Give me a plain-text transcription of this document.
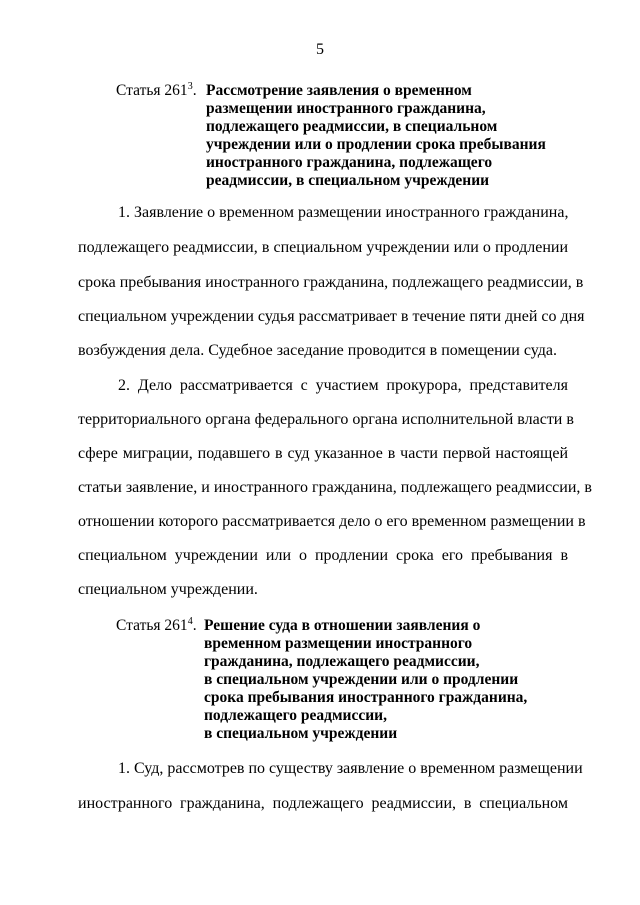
5
Статья $261^3$. Рассмотрение заявления о временном
размещении иностранного гражданина,
подлежащего реадмиссии, в специальном
учреждении или о продлении срока пребывания
иностранного гражданина, подлежащего
реадмиссии, в специальном учреждении
1. Заявление о временном размещении иностранного гражданина,
подлежащего реадмиссии, в специальном учреждении или о продлении
срока пребывания иностранного гражданина, подлежащего реадмиссии, в
специальном учреждении судья рассматривает в течение пяти дней со дня
возбуждения дела. Судебное заседание проводится в помещении суда.
2. Дело рассматривается с участием прокурора, представителя
территориального органа федерального органа исполнительной власти в
сфере миграции, подавшего в суд указанное в части первой настоящей
статьи заявление, и иностранного гражданина, подлежащего реадмиссии, в
отношении которого рассматривается дело о его временном размещении в
специальном учреждении или о продлении срока его пребывания в
специальном учреждении.
Статья $261^4$. Решение суда в отношении заявления о
временном размещении иностранного
гражданина, подлежащего реадмиссии,
в специальном учреждении или о продлении
срока пребывания иностранного гражданина,
подлежащего реадмиссии,
в специальном учреждении
1. Суд, рассмотрев по существу заявление о временном размещении
иностранного гражданина, подлежащего реадмиссии, в специальном
